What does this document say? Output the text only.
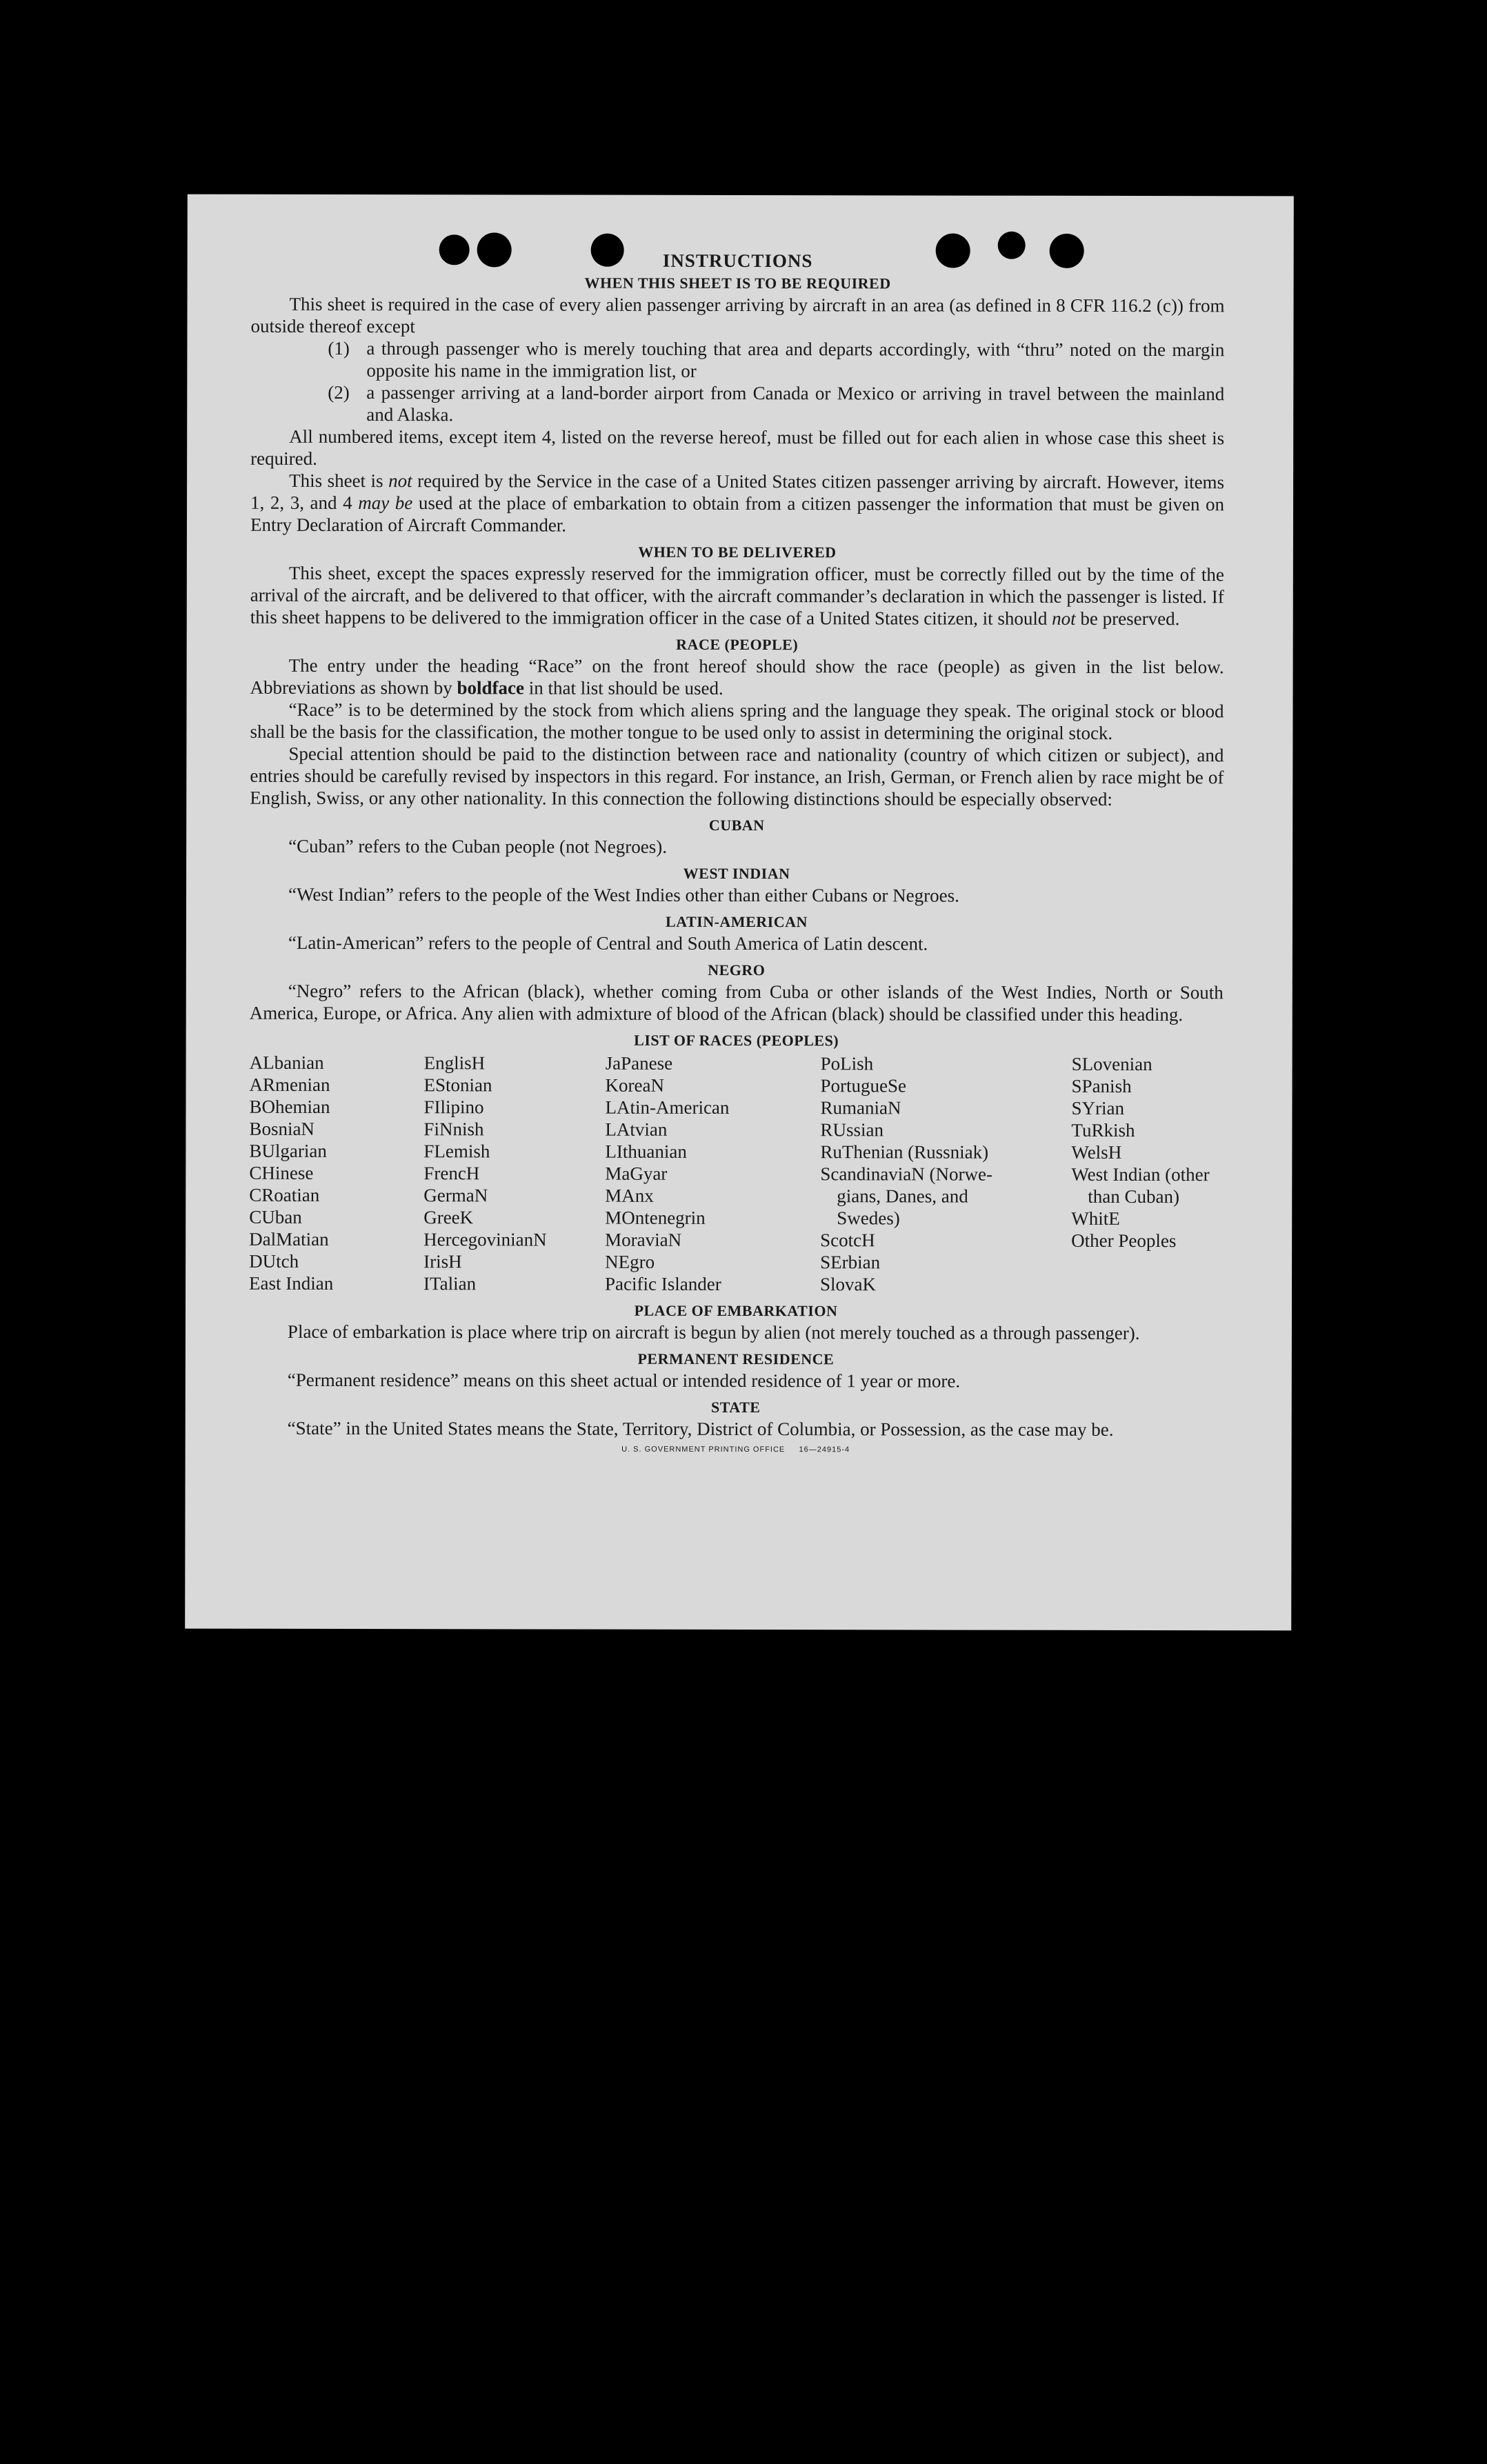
INSTRUCTIONS
WHEN THIS SHEET IS TO BE REQUIRED

This sheet is required in the case of every alien passenger arriving by aircraft in an area (as defined in 8 CFR 116.2 (c)) from outside thereof except

(1) a through passenger who is merely touching that area and departs accordingly, with “thru” noted on the margin opposite his name in the immigration list, or
(2) a passenger arriving at a land-border airport from Canada or Mexico or arriving in travel between the mainland and Alaska.

All numbered items, except item 4, listed on the reverse hereof, must be filled out for each alien in whose case this sheet is required.

This sheet is not required by the Service in the case of a United States citizen passenger arriving by aircraft. However, items 1, 2, 3, and 4 may be used at the place of embarkation to obtain from a citizen passenger the information that must be given on Entry Declaration of Aircraft Commander.

WHEN TO BE DELIVERED

This sheet, except the spaces expressly reserved for the immigration officer, must be correctly filled out by the time of the arrival of the aircraft, and be delivered to that officer, with the aircraft commander’s declaration in which the passenger is listed. If this sheet happens to be delivered to the immigration officer in the case of a United States citizen, it should not be preserved.

RACE (PEOPLE)

The entry under the heading “Race” on the front hereof should show the race (people) as given in the list below. Abbreviations as shown by boldface in that list should be used.

“Race” is to be determined by the stock from which aliens spring and the language they speak. The original stock or blood shall be the basis for the classification, the mother tongue to be used only to assist in determining the original stock.

Special attention should be paid to the distinction between race and nationality (country of which citizen or subject), and entries should be carefully revised by inspectors in this regard. For instance, an Irish, German, or French alien by race might be of English, Swiss, or any other nationality. In this connection the following distinctions should be especially observed:

CUBAN

“Cuban” refers to the Cuban people (not Negroes).

WEST INDIAN

“West Indian” refers to the people of the West Indies other than either Cubans or Negroes.

LATIN-AMERICAN

“Latin-American” refers to the people of Central and South America of Latin descent.

NEGRO

“Negro” refers to the African (black), whether coming from Cuba or other islands of the West Indies, North or South America, Europe, or Africa. Any alien with admixture of blood of the African (black) should be classified under this heading.

LIST OF RACES (PEOPLES)
ALbanian
ARmenian
BOhemian
BosniaN
BUlgarian
CHinese
CRoatian
CUban
DalMatian
DUtch
East Indian
EnglisH
EStonian
FIlipino
FiNnish
FLemish
FrencH
GermaN
GreeK
HercegovinianN
IrisH
ITalian
JaPanese
KoreaN
LAtin-American
LAtvian
LIthuanian
MaGyar
MAnx
MOntenegrin
MoraviaN
NEgro
Pacific Islander
PoLish
PortugueSe
RumaniaN
RUssian
RuThenian (Russniak)
ScandinaviaN (Norwe-
gians, Danes, and
Swedes)
ScotcH
SErbian
SlovaK
SLovenian
SPanish
SYrian
TuRkish
WelsH
West Indian (other
than Cuban)
WhitE
Other Peoples
PLACE OF EMBARKATION

Place of embarkation is place where trip on aircraft is begun by alien (not merely touched as a through passenger).

PERMANENT RESIDENCE

“Permanent residence” means on this sheet actual or intended residence of 1 year or more.

STATE

“State” in the United States means the State, Territory, District of Columbia, or Possession, as the case may be.

U. S. GOVERNMENT PRINTING OFFICE     16—24915-4
